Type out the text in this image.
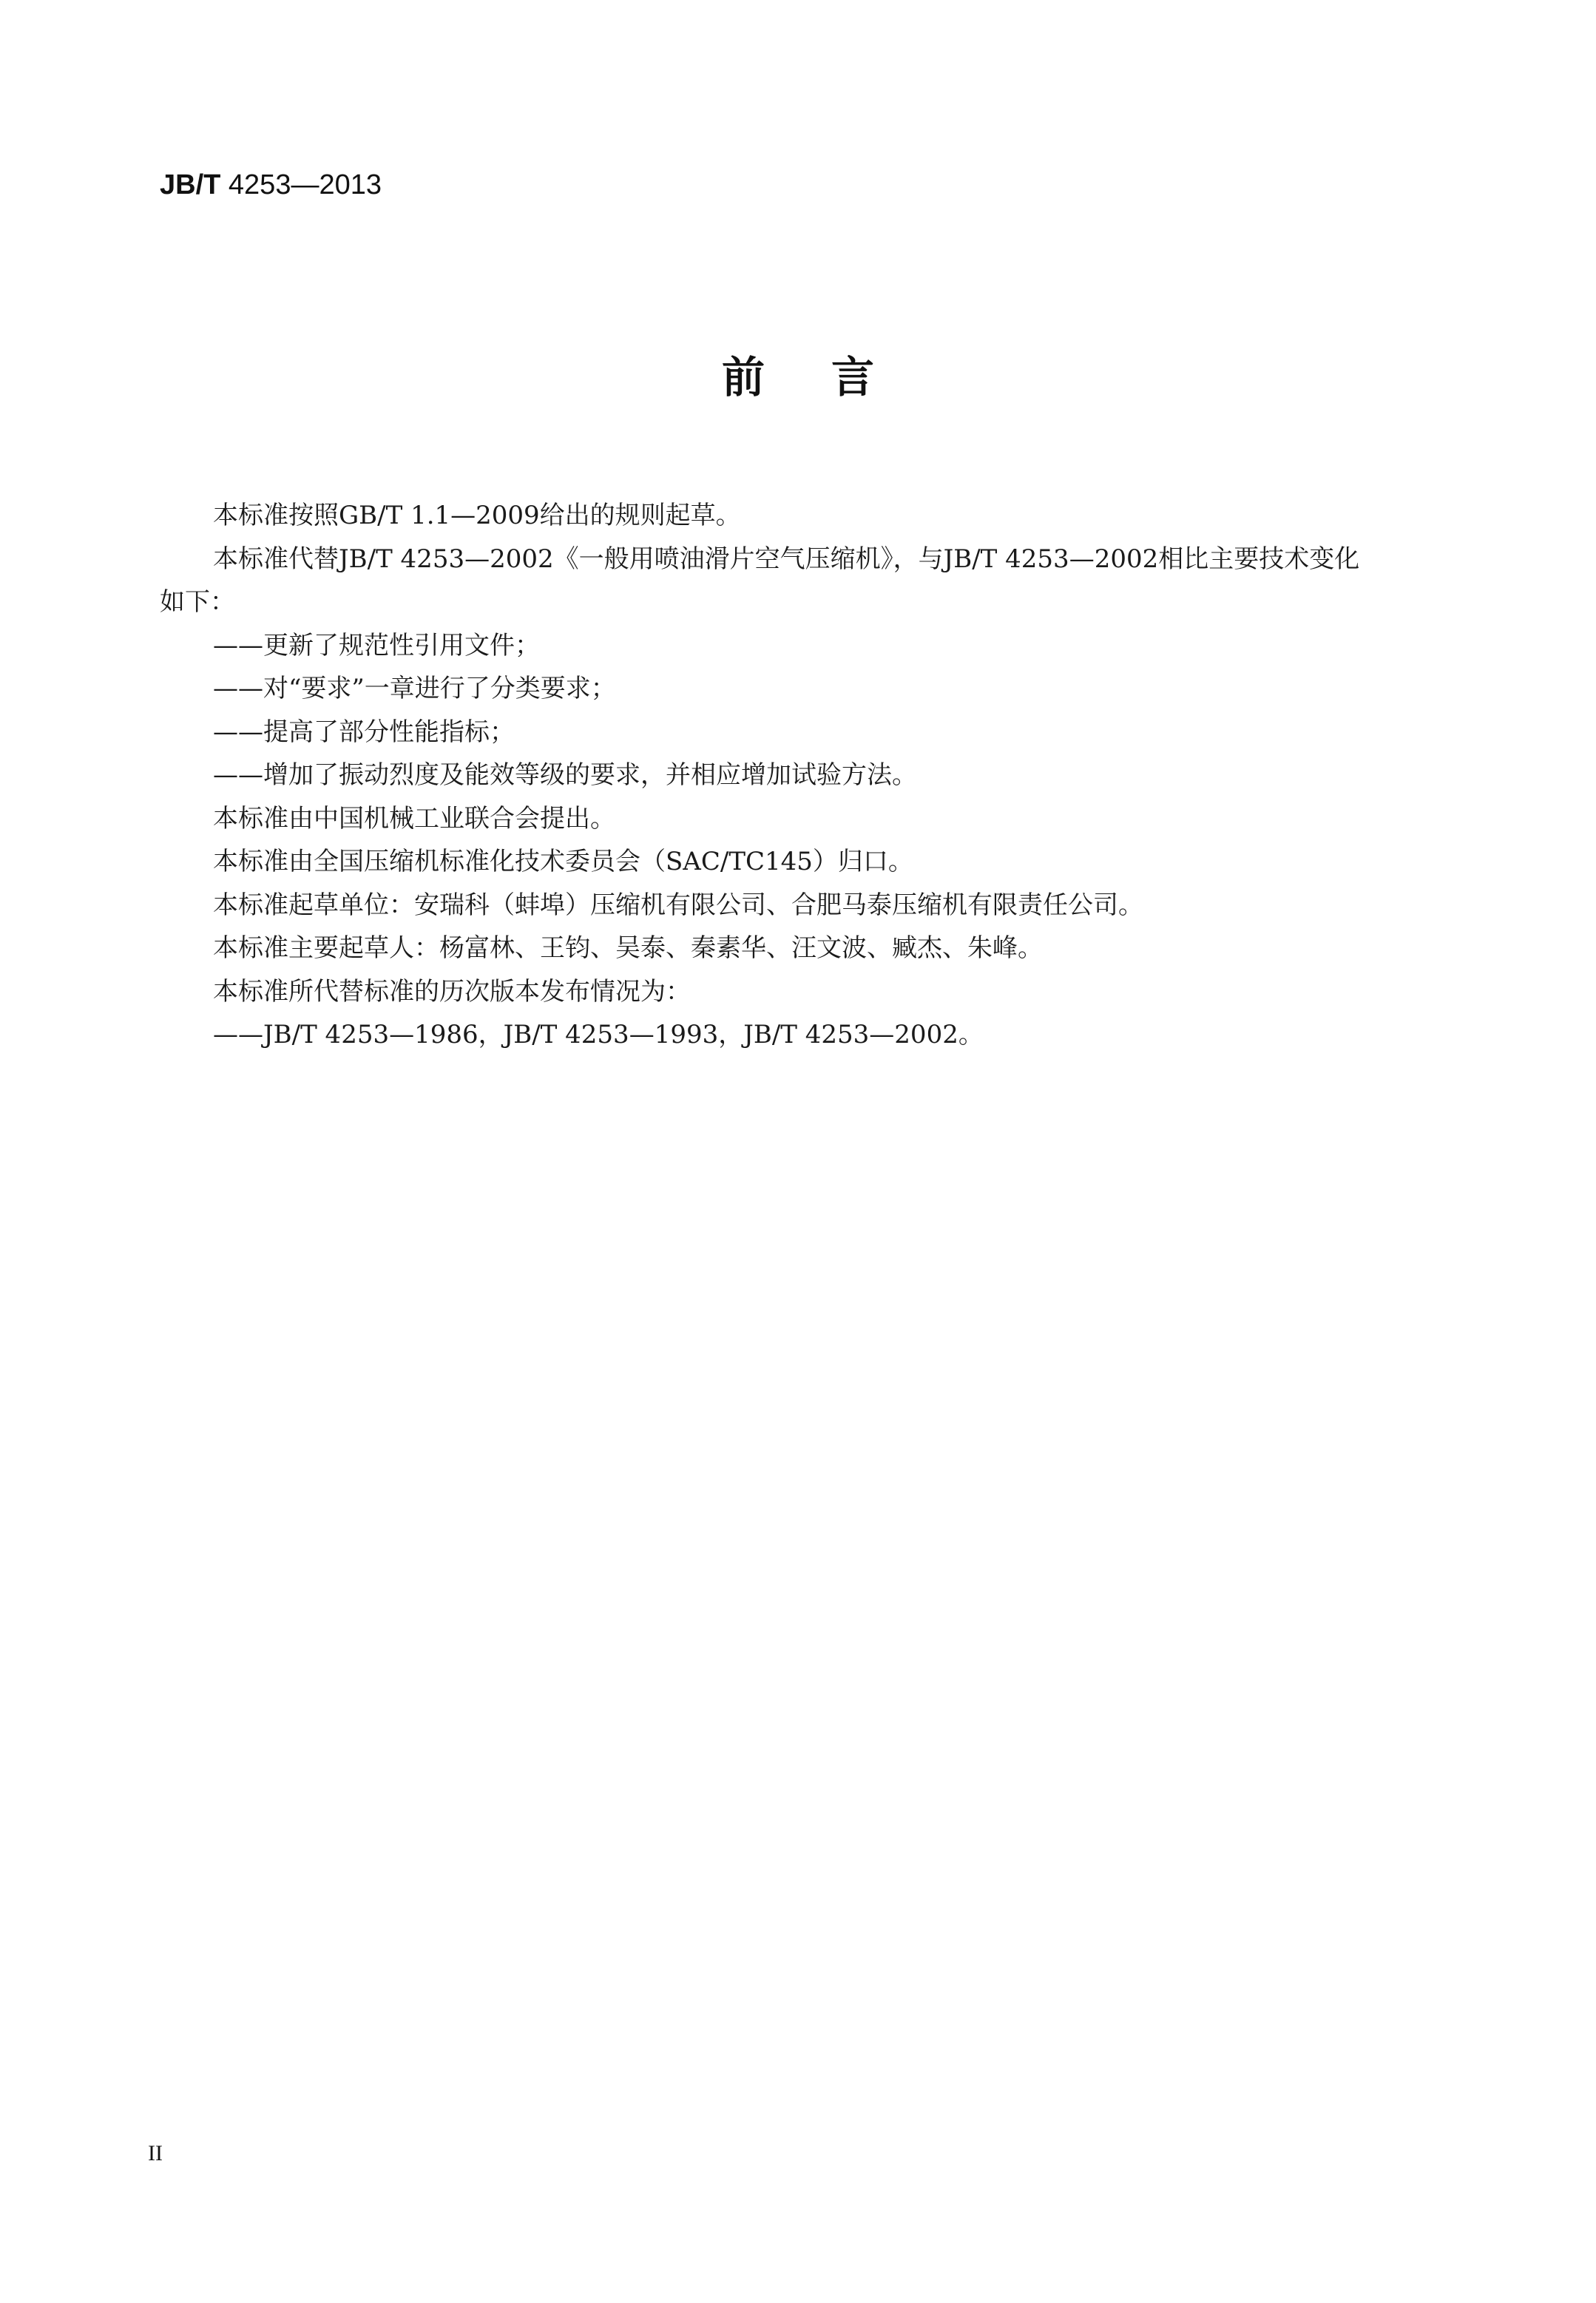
JB/T 4253—2013
前言

本标准按照GB/T 1.1—2009给出的规则起草。

本标准代替JB/T 4253—2002《一般用喷油滑片空气压缩机》，与JB/T 4253—2002相比主要技术变化

如下：

——更新了规范性引用文件；

——对“要求”一章进行了分类要求；

——提高了部分性能指标；

——增加了振动烈度及能效等级的要求，并相应增加试验方法。

本标准由中国机械工业联合会提出。

本标准由全国压缩机标准化技术委员会（SAC/TC145）归口。

本标准起草单位：安瑞科（蚌埠）压缩机有限公司、合肥马泰压缩机有限责任公司。

本标准主要起草人：杨富林、王钧、吴泰、秦素华、汪文波、臧杰、朱峰。

本标准所代替标准的历次版本发布情况为：

——JB/T 4253—1986，JB/T 4253—1993，JB/T 4253—2002。

II
